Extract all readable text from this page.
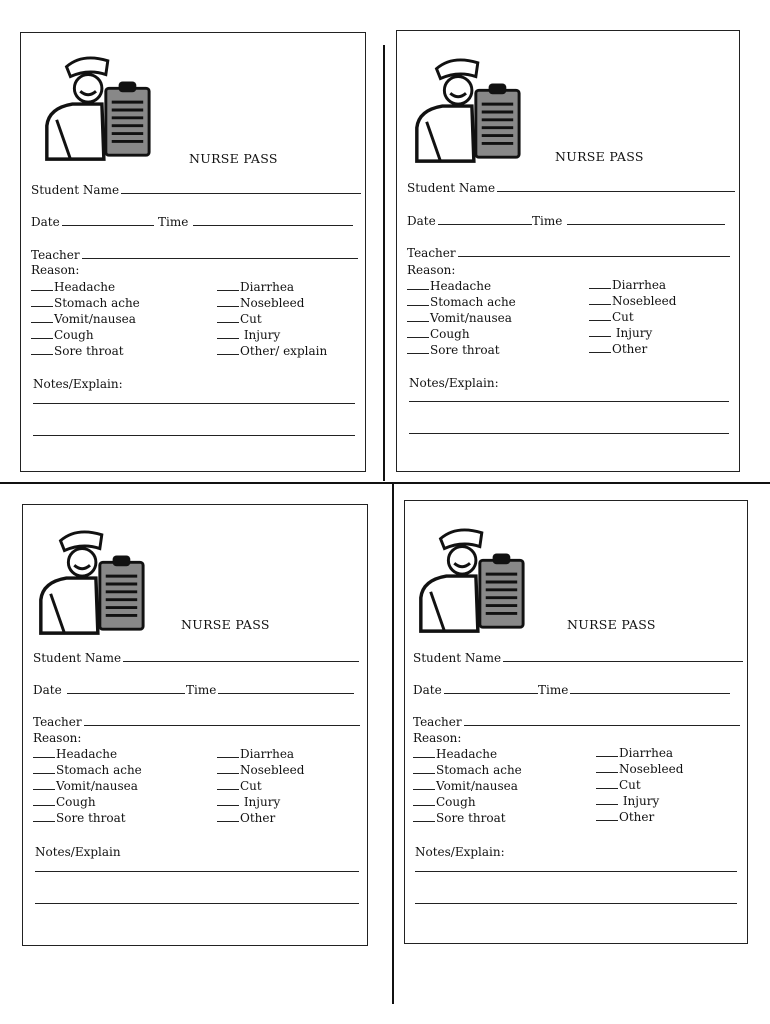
NURSE PASS
Student Name
Date	Time
Teacher
Reason:
Headache
Stomach ache
Vomit/nausea
Cough
Sore throat
Diarrhea
Nosebleed
Cut
Injury
Other/ explain
Notes/Explain:
NURSE PASS
Student Name
Date	Time
Teacher
Reason:
Headache
Stomach ache
Vomit/nausea
Cough
Sore throat
Diarrhea
Nosebleed
Cut
Injury
Other
Notes/Explain:
NURSE PASS
Student Name
Date	Time
Teacher
Reason:
Headache
Stomach ache
Vomit/nausea
Cough
Sore throat
Diarrhea
Nosebleed
Cut
Injury
Other
Notes/Explain
NURSE PASS
Student Name
Date	Time
Teacher
Reason:
Headache
Stomach ache
Vomit/nausea
Cough
Sore throat
Diarrhea
Nosebleed
Cut
Injury
Other
Notes/Explain:
